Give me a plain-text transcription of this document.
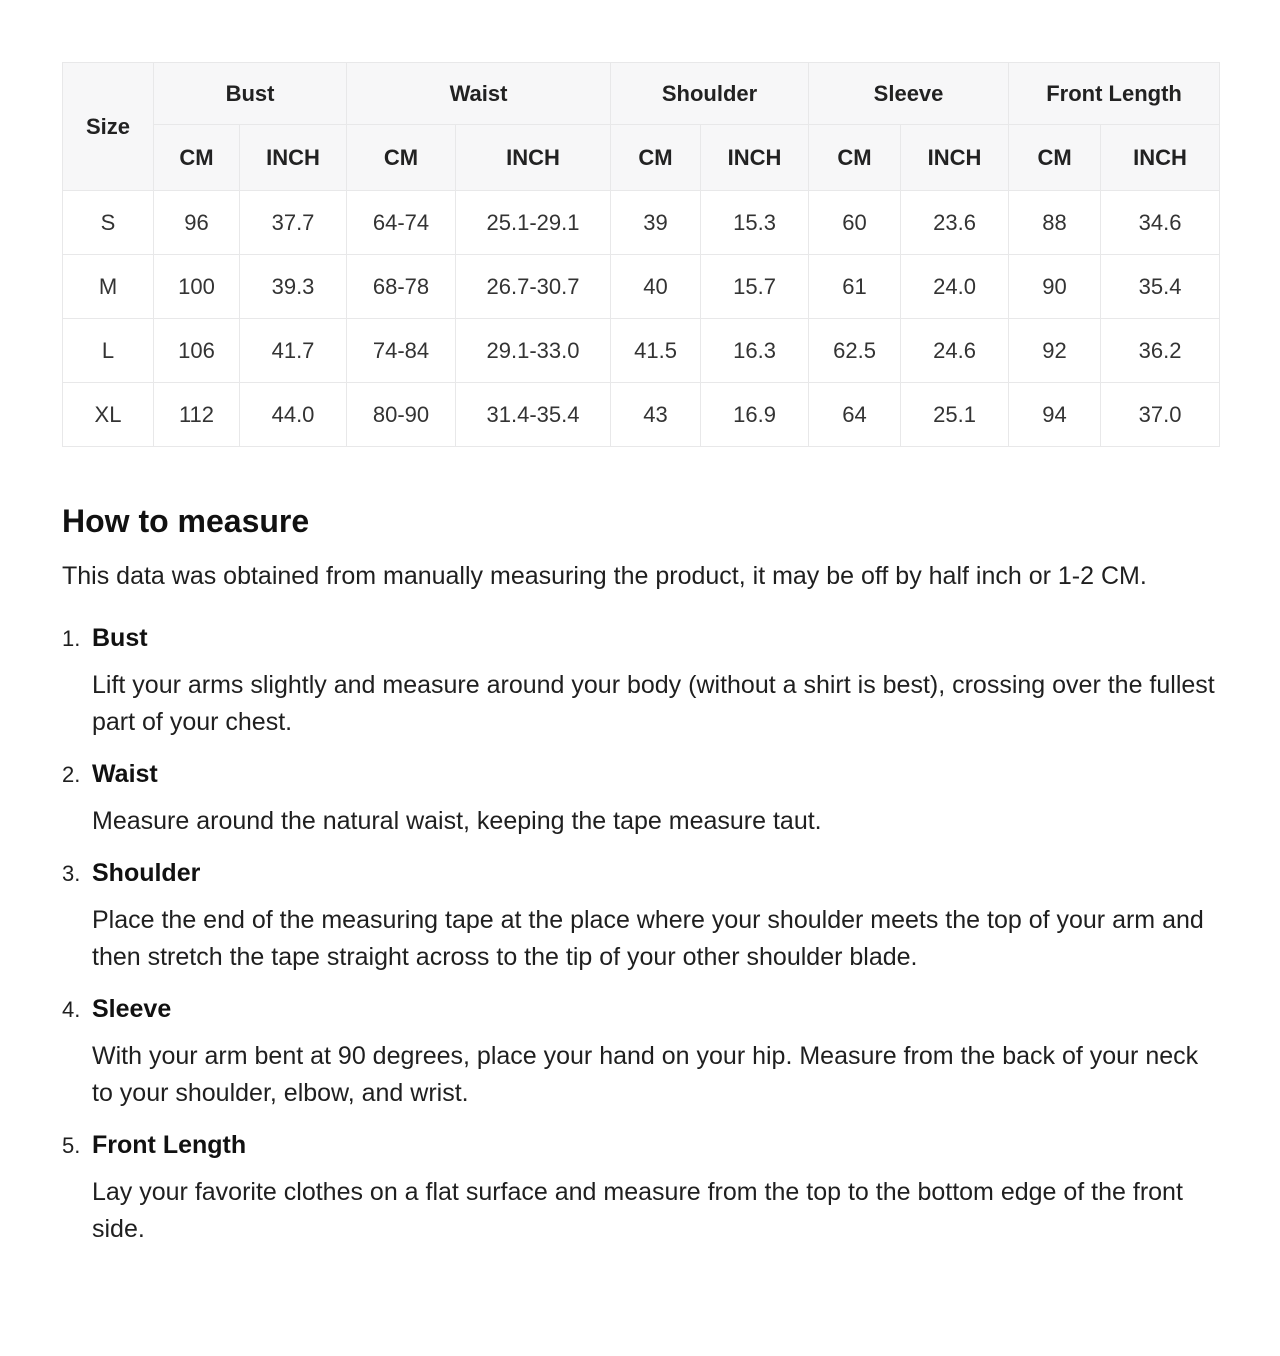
Size	Bust		Waist		Shoulder		Sleeve		Front Length	
	CM	INCH	CM	INCH	CM	INCH	CM	INCH	CM	INCH
S	96	37.7	64-74	25.1-29.1	39	15.3	60	23.6	88	34.6
M	100	39.3	68-78	26.7-30.7	40	15.7	61	24.0	90	35.4
L	106	41.7	74-84	29.1-33.0	41.5	16.3	62.5	24.6	92	36.2
XL	112	44.0	80-90	31.4-35.4	43	16.9	64	25.1	94	37.0
How to measure

This data was obtained from manually measuring the product, it may be off by half inch or 1-2 CM.

1. Bust

Lift your arms slightly and measure around your body (without a shirt is best), crossing over the fullest part of your chest.

2. Waist

Measure around the natural waist, keeping the tape measure taut.

3. Shoulder

Place the end of the measuring tape at the place where your shoulder meets the top of your arm and then stretch the tape straight across to the tip of your other shoulder blade.

4. Sleeve

With your arm bent at 90 degrees, place your hand on your hip. Measure from the back of your neck to your shoulder, elbow, and wrist.

5. Front Length

Lay your favorite clothes on a flat surface and measure from the top to the bottom edge of the front side.
